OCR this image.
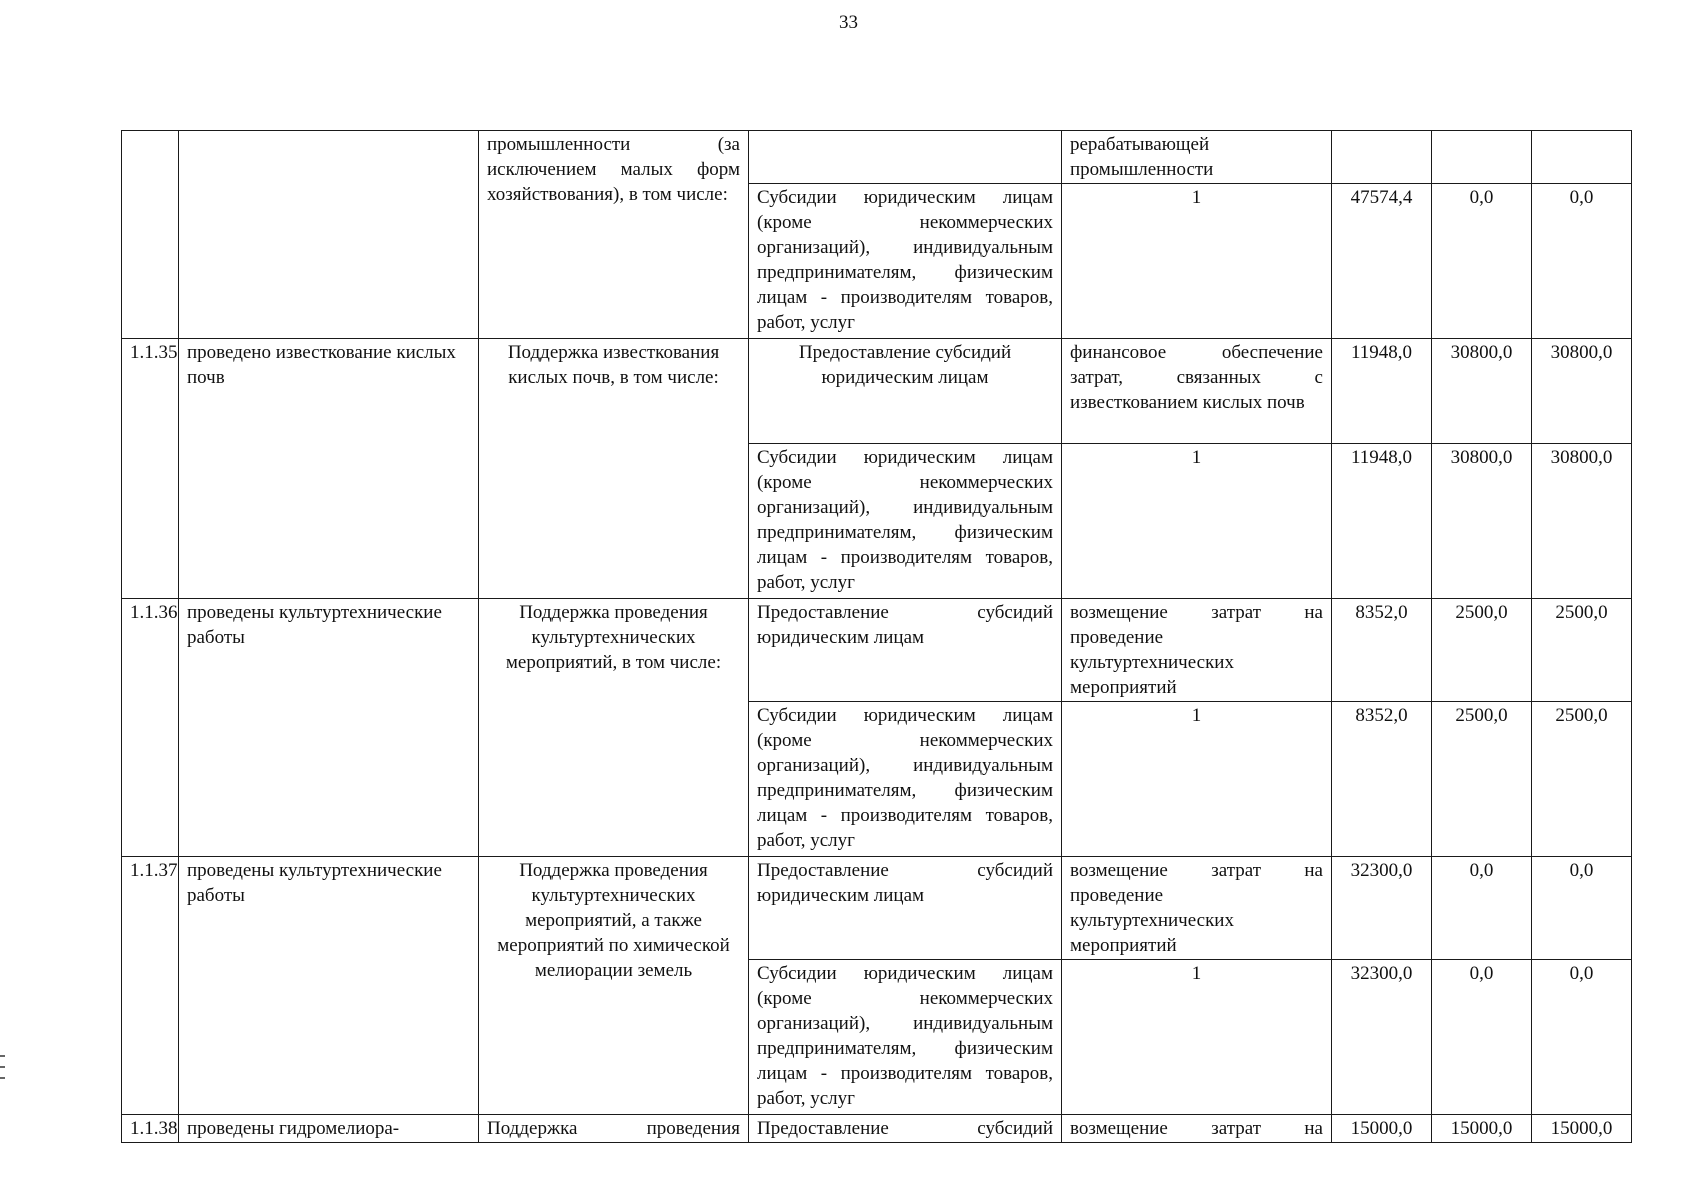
33
		промышленности (за исключением малых форм хозяйствования), в том числе:		рерабатывающей промышленности			
			Субсидии юридическим лицам (кроме некоммерческих организаций), индивидуальным предпринимателям, физическим лицам - производителям товаров, работ, услуг	1	47574,4	0,0	0,0
1.1.35	проведено известкование кислых почв	Поддержка известкования кислых почв, в том числе:	Предоставление субсидий юридическим лицам	финансовое обеспечение затрат, связанных с известкованием кислых почв	11948,0	30800,0	30800,0
			Субсидии юридическим лицам (кроме некоммерческих организаций), индивидуальным предпринимателям, физическим лицам - производителям товаров, работ, услуг	1	11948,0	30800,0	30800,0
1.1.36	проведены культуртехнические работы	Поддержка проведения культуртехнических мероприятий, в том числе:	Предоставление субсидий юридическим лицам	возмещение затрат на проведение культуртехнических мероприятий	8352,0	2500,0	2500,0
			Субсидии юридическим лицам (кроме некоммерческих организаций), индивидуальным предпринимателям, физическим лицам - производителям товаров, работ, услуг	1	8352,0	2500,0	2500,0
1.1.37	проведены культуртехнические работы	Поддержка проведения культуртехнических мероприятий, а также мероприятий по химической мелиорации земель	Предоставление субсидий юридическим лицам	возмещение затрат на проведение культуртехнических мероприятий	32300,0	0,0	0,0
			Субсидии юридическим лицам (кроме некоммерческих организаций), индивидуальным предпринимателям, физическим лицам - производителям товаров, работ, услуг	1	32300,0	0,0	0,0
1.1.38	проведены гидромелиора-	Поддержка проведения	Предоставление субсидий	возмещение затрат на	15000,0	15000,0	15000,0
